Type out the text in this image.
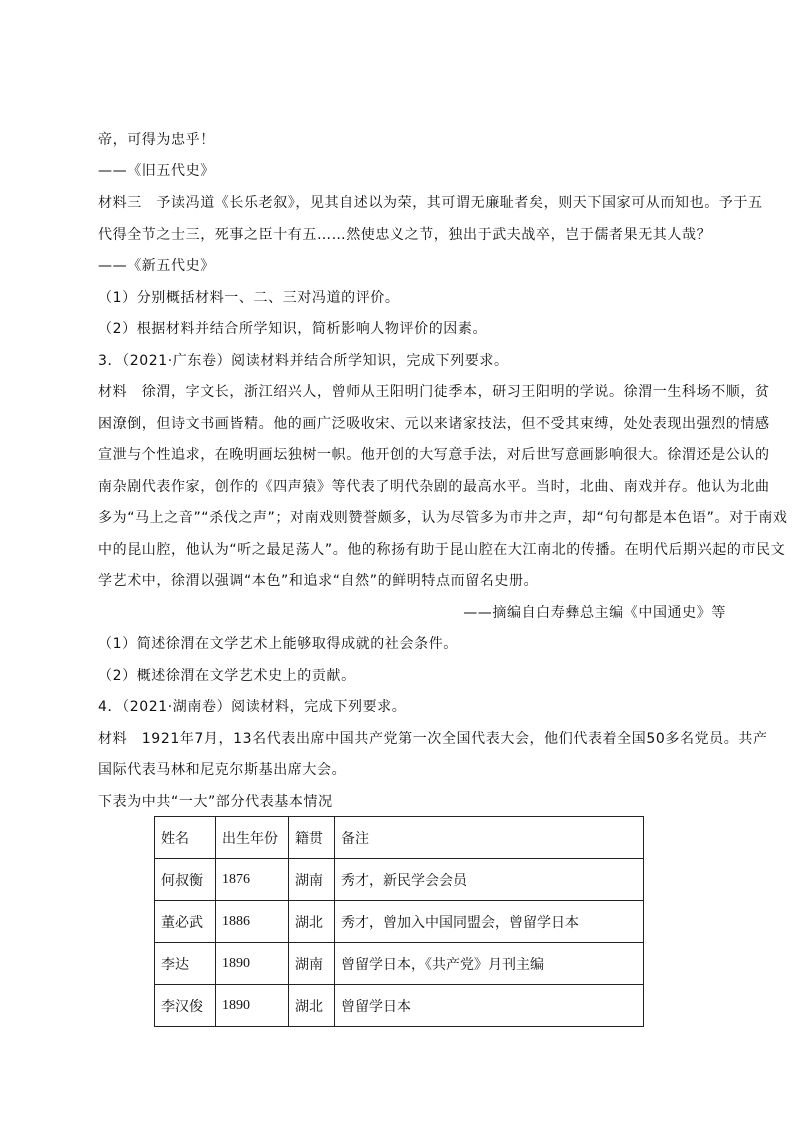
帝，可得为忠乎！
——《旧五代史》
材料三　予读冯道《长乐老叙》，见其自述以为荣，其可谓无廉耻者矣，则天下国家可从而知也。予于五
代得全节之士三，死事之臣十有五……然使忠义之节，独出于武夫战卒，岂于儒者果无其人哉？
——《新五代史》
（1）分别概括材料一、二、三对冯道的评价。
（2）根据材料并结合所学知识，简析影响人物评价的因素。
3．（2021·广东卷）阅读材料并结合所学知识，完成下列要求。
材料　徐渭，字文长，浙江绍兴人，曾师从王阳明门徒季本，研习王阳明的学说。徐渭一生科场不顺，贫
困潦倒，但诗文书画皆精。他的画广泛吸收宋、元以来诸家技法，但不受其束缚，处处表现出强烈的情感
宣泄与个性追求，在晚明画坛独树一帜。他开创的大写意手法，对后世写意画影响很大。徐渭还是公认的
南杂剧代表作家，创作的《四声猿》等代表了明代杂剧的最高水平。当时，北曲、南戏并存。他认为北曲
多为“马上之音”“杀伐之声”；对南戏则赞誉颇多，认为尽管多为市井之声，却“句句都是本色语”。对于南戏
中的昆山腔，他认为“听之最足荡人”。他的称扬有助于昆山腔在大江南北的传播。在明代后期兴起的市民文
学艺术中，徐渭以强调“本色”和追求“自然”的鲜明特点而留名史册。
——摘编自白寿彝总主编《中国通史》等
（1）简述徐渭在文学艺术上能够取得成就的社会条件。
（2）概述徐渭在文学艺术史上的贡献。
4．（2021·湖南卷）阅读材料，完成下列要求。
材料　1921年7月，13名代表出席中国共产党第一次全国代表大会，他们代表着全国50多名党员。共产
国际代表马林和尼克尔斯基出席大会。
下表为中共“一大”部分代表基本情况
姓名	出生年份	籍贯	备注
何叔衡	1876	湖南	秀才，新民学会会员
董必武	1886	湖北	秀才，曾加入中国同盟会，曾留学日本
李达	1890	湖南	曾留学日本，《共产党》月刊主编
李汉俊	1890	湖北	曾留学日本
